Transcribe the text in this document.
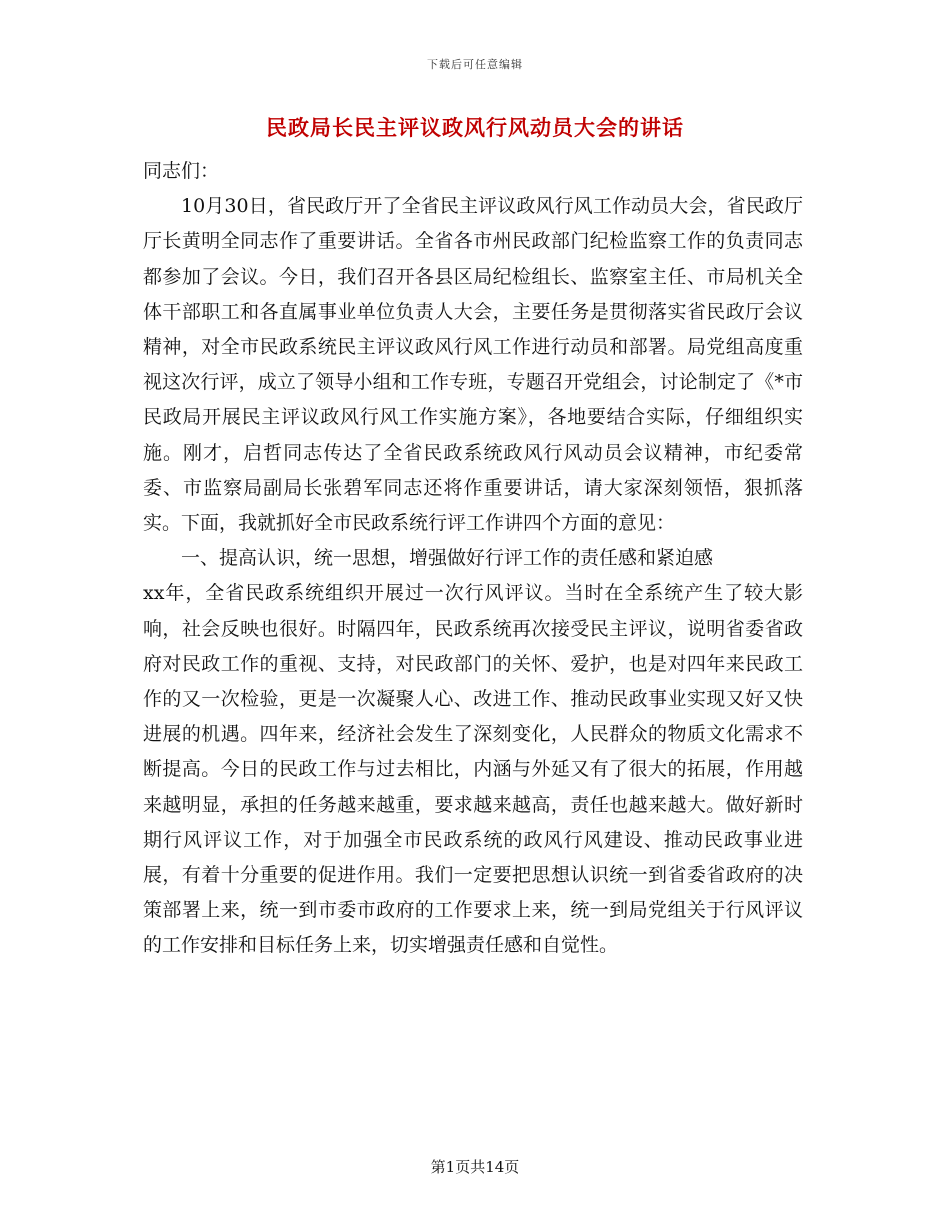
下载后可任意编辑
民政局长民主评议政风行风动员大会的讲话

同志们：

10月30日，省民政厅开了全省民主评议政风行风工作动员大会，省民政厅厅长黄明全同志作了重要讲话。全省各市州民政部门纪检监察工作的负责同志都参加了会议。今日，我们召开各县区局纪检组长、监察室主任、市局机关全体干部职工和各直属事业单位负责人大会，主要任务是贯彻落实省民政厅会议精神，对全市民政系统民主评议政风行风工作进行动员和部署。局党组高度重视这次行评，成立了领导小组和工作专班，专题召开党组会，讨论制定了《*市民政局开展民主评议政风行风工作实施方案》，各地要结合实际，仔细组织实施。刚才，启哲同志传达了全省民政系统政风行风动员会议精神，市纪委常委、市监察局副局长张碧军同志还将作重要讲话，请大家深刻领悟，狠抓落实。下面，我就抓好全市民政系统行评工作讲四个方面的意见：

一、提高认识，统一思想，增强做好行评工作的责任感和紧迫感

xx年，全省民政系统组织开展过一次行风评议。当时在全系统产生了较大影响，社会反映也很好。时隔四年，民政系统再次接受民主评议，说明省委省政府对民政工作的重视、支持，对民政部门的关怀、爱护，也是对四年来民政工作的又一次检验，更是一次凝聚人心、改进工作、推动民政事业实现又好又快进展的机遇。四年来，经济社会发生了深刻变化，人民群众的物质文化需求不断提高。今日的民政工作与过去相比，内涵与外延又有了很大的拓展，作用越来越明显，承担的任务越来越重，要求越来越高，责任也越来越大。做好新时期行风评议工作，对于加强全市民政系统的政风行风建设、推动民政事业进展，有着十分重要的促进作用。我们一定要把思想认识统一到省委省政府的决策部署上来，统一到市委市政府的工作要求上来，统一到局党组关于行风评议的工作安排和目标任务上来，切实增强责任感和自觉性。

第1页共14页
